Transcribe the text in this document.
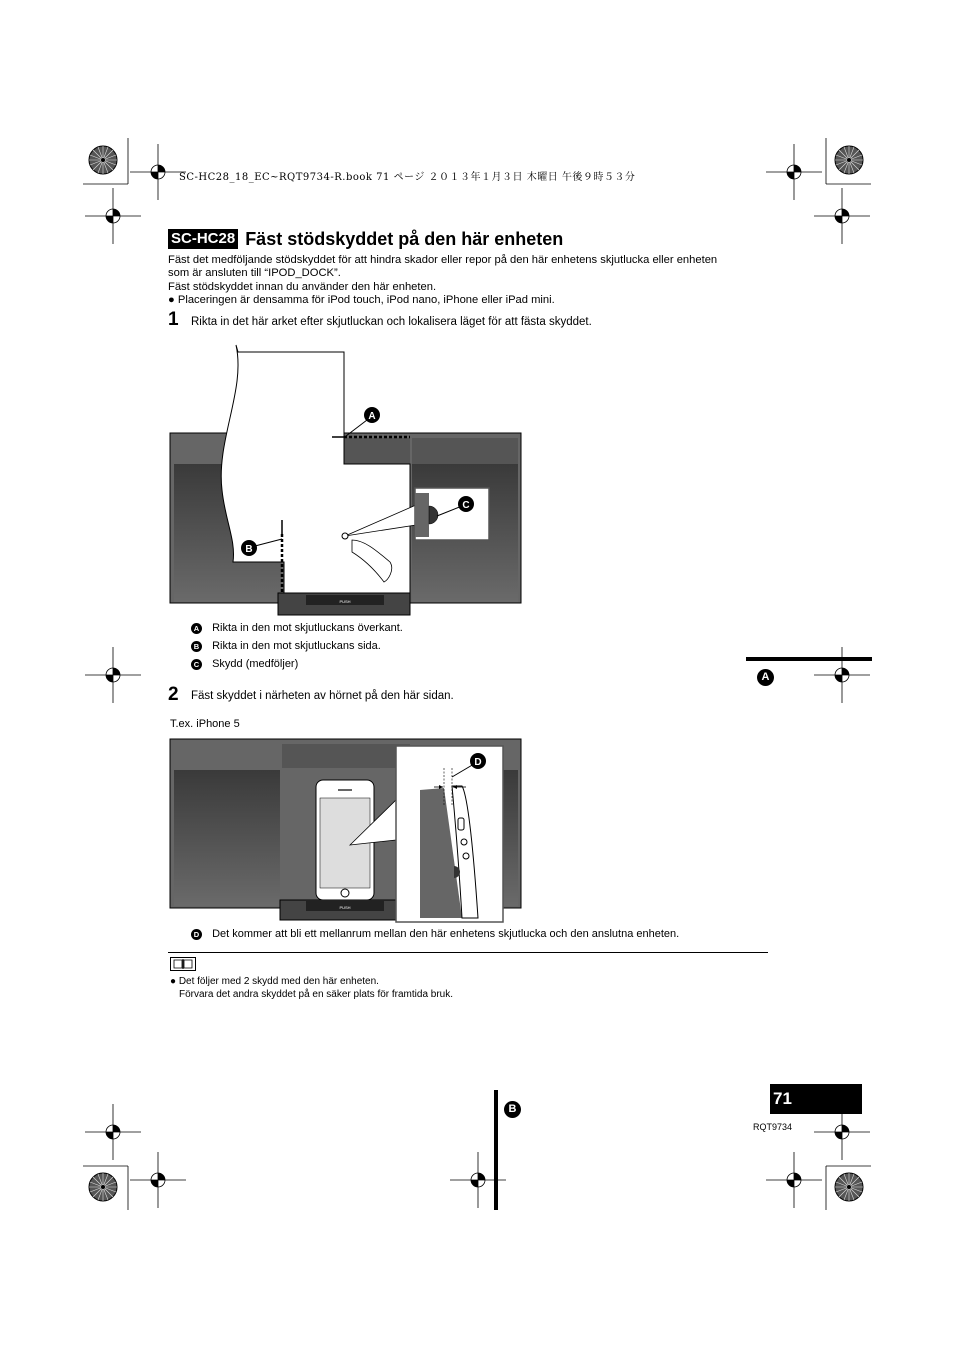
SC-HC28_18_EC~RQT9734-R.book 71 ページ ２０１３年１月３日 木曜日 午後９時５３分
SC-HC28 Fäst stödskyddet på den här enheten
Fäst det medföljande stödskyddet för att hindra skador eller repor på den här enhetens skjutlucka eller enheten
som är ansluten till “IPOD_DOCK”.
Fäst stödskyddet innan du använder den här enheten.
● Placeringen är densamma för iPod touch, iPod nano, iPhone eller iPad mini.
1 Rikta in det här arket efter skjutluckan och lokalisera läget för att fästa skyddet.
PUSH
A
C
B
A Rikta in den mot skjutluckans överkant.
B Rikta in den mot skjutluckans sida.
C Skydd (medföljer)
A
2 Fäst skyddet i närheten av hörnet på den här sidan.
T.ex. iPhone 5
PUSH
D
D Det kommer att bli ett mellanrum mellan den här enhetens skjutlucka och den anslutna enheten.
● Det följer med 2 skydd med den här enheten.
Förvara det andra skyddet på en säker plats för framtida bruk.
B
71
RQT9734
